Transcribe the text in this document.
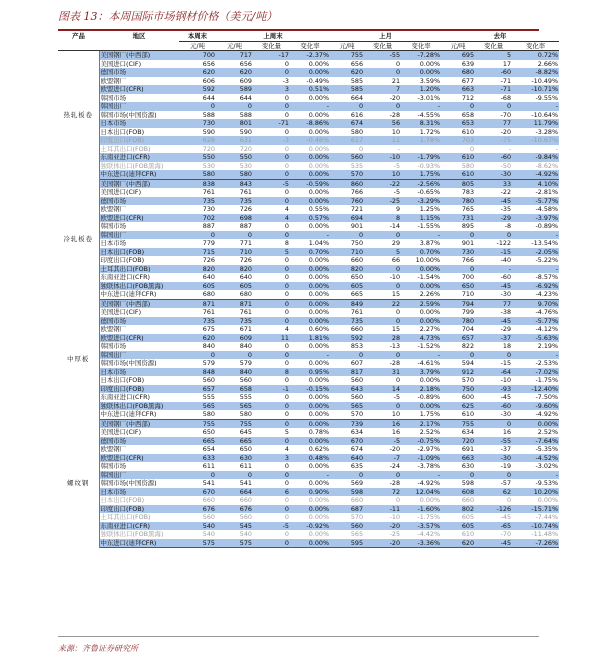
图表 13：本周国际市场钢材价格（美元/吨）
产品	地区	本周末	上周末			上月			去年		
		元/吨	元/吨	变化量	变化率	元/吨	变化量	变化率	元/吨	变化量	变化率
热轧板卷	美国钢厂(中西部)	700	717	-17	-2.37%	755	-55	-7.28%	695	5	0.72%
	美国进口(CIF)	656	656	0	0.00%	656	0	0.00%	639	17	2.66%
	德国市场	620	620	0	0.00%	620	0	0.00%	680	-60	-8.82%
	欧盟钢厂	606	609	-3	-0.49%	585	21	3.59%	677	-71	-10.49%
	欧盟进口(CFR)	592	589	3	0.51%	585	7	1.20%	663	-71	-10.71%
	韩国市场	644	644	0	0.00%	664	-20	-3.01%	712	-68	-9.55%
	韩国出厂	0	0	0	-	0	0	-	0	0	-
	韩国市场(中国资源)	588	588	0	0.00%	616	-28	-4.55%	658	-70	-10.64%
	日本市场	730	801	-71	-8.86%	674	56	8.31%	653	77	11.79%
	日本出口(FOB)	590	590	0	0.00%	580	10	1.72%	610	-20	-3.28%
	印度出口(FOB)	628	631	-3	-0.48%	617	11	1.78%	703	-75	-10.67%
	土耳其出口(FOB)	720	720	0	0.00%	0	-		0	-	-
	东南亚进口(CFR)	550	550	0	0.00%	560	-10	-1.79%	610	-60	-9.84%
	独联体出口(FOB黑海)	530	530	0	0.00%	535	-5	-0.93%	580	-50	-8.62%
	中东进口(迪拜CFR)	580	580	0	0.00%	570	10	1.75%	610	-30	-4.92%
冷轧板卷	美国钢厂(中西部)	838	843	-5	-0.59%	860	-22	-2.56%	805	33	4.10%
	美国进口(CIF)	761	761	0	0.00%	766	-5	-0.65%	783	-22	-2.81%
	德国市场	735	735	0	0.00%	760	-25	-3.29%	780	-45	-5.77%
	欧盟钢厂	730	726	4	0.55%	721	9	1.25%	765	-35	-4.58%
	欧盟进口(CFR)	702	698	4	0.57%	694	8	1.15%	731	-29	-3.97%
	韩国市场	887	887	0	0.00%	901	-14	-1.55%	895	-8	-0.89%
	韩国出厂	0	0	0	-	0	0	-	0	0	-
	日本市场	779	771	8	1.04%	750	29	3.87%	901	-122	-13.54%
	日本出口(FOB)	715	710	5	0.70%	710	5	0.70%	730	-15	-2.05%
	印度出口(FOB)	726	726	0	0.00%	660	66	10.00%	766	-40	-5.22%
	土耳其出口(FOB)	820	820	0	0.00%	820	0	0.00%	0	-	-
	东南亚进口(CFR)	640	640	0	0.00%	650	-10	-1.54%	700	-60	-8.57%
	独联体出口(FOB黑海)	605	605	0	0.00%	605	0	0.00%	650	-45	-6.92%
	中东进口(迪拜CFR)	680	680	0	0.00%	665	15	2.26%	710	-30	-4.23%
中厚板	美国钢厂(中西部)	871	871	0	0.00%	849	22	2.59%	794	77	9.70%
	美国进口(CIF)	761	761	0	0.00%	761	0	0.00%	799	-38	-4.76%
	德国市场	735	735	0	0.00%	735	0	0.00%	780	-45	-5.77%
	欧盟钢厂	675	671	4	0.60%	660	15	2.27%	704	-29	-4.12%
	欧盟进口(CFR)	620	609	11	1.81%	592	28	4.73%	657	-37	-5.63%
	韩国市场	840	840	0	0.00%	853	-13	-1.52%	822	18	2.19%
	韩国出厂	0	0	0	-	0	0	-	0	0	-
	韩国市场(中国资源)	579	579	0	0.00%	607	-28	-4.61%	594	-15	-2.53%
	日本市场	848	840	8	0.95%	817	31	3.79%	912	-64	-7.02%
	日本出口(FOB)	560	560	0	0.00%	560	0	0.00%	570	-10	-1.75%
	印度出口(FOB)	657	658	-1	-0.15%	643	14	2.18%	750	-93	-12.40%
	东南亚进口(CFR)	555	555	0	0.00%	560	-5	-0.89%	600	-45	-7.50%
	独联体出口(FOB黑海)	565	565	0	0.00%	565	0	0.00%	625	-60	-9.60%
	中东进口(迪拜CFR)	580	580	0	0.00%	570	10	1.75%	610	-30	-4.92%
螺纹钢	美国钢厂(中西部)	755	755	0	0.00%	739	16	2.17%	755	0	0.00%
	美国进口(CIF)	650	645	5	0.78%	634	16	2.52%	634	16	2.52%
	德国市场	665	665	0	0.00%	670	-5	-0.75%	720	-55	-7.64%
	欧盟钢厂	654	650	4	0.62%	674	-20	-2.97%	691	-37	-5.35%
	欧盟进口(CFR)	633	630	3	0.48%	640	-7	-1.09%	663	-30	-4.52%
	韩国市场	611	611	0	0.00%	635	-24	-3.78%	630	-19	-3.02%
	韩国出厂	0	0	0	-	0	0	-	0	0	-
	韩国市场(中国资源)	541	541	0	0.00%	569	-28	-4.92%	598	-57	-9.53%
	日本市场	670	664	6	0.90%	598	72	12.04%	608	62	10.20%
	日本出口(FOB)	660	660	0	0.00%	660	0	0.00%	660	0	0.00%
	印度出口(FOB)	676	676	0	0.00%	687	-11	-1.60%	802	-126	-15.71%
	土耳其出口(FOB)	560	560	0	0.00%	570	-10	-1.75%	605	-45	-7.44%
	东南亚进口(CFR)	540	545	-5	-0.92%	560	-20	-3.57%	605	-65	-10.74%
	独联体出口(FOB黑海)	540	540	0	0.00%	565	-25	-4.42%	610	-70	-11.48%
	中东进口(迪拜CFR)	575	575	0	0.00%	595	-20	-3.36%	620	-45	-7.26%
来源：齐鲁证券研究所
